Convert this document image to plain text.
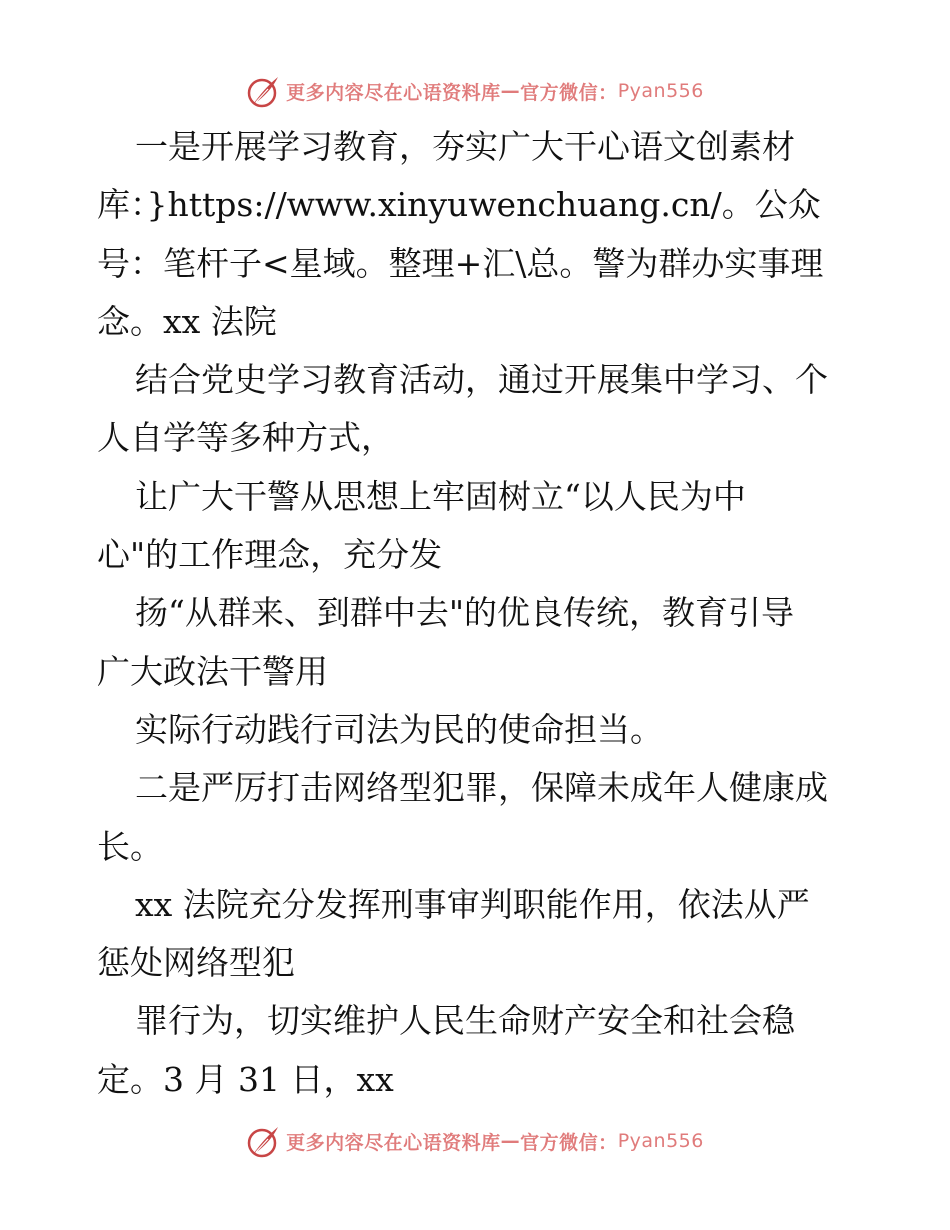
更多内容尽在心语资料库 — 官方微信： Pyan556
一是开展学习教育，夯实广大干心语文创素材
库：}https://www.xinyuwenchuang.cn/。公众
号：笔杆子<星域。整理+汇\总。警为群办实事理
念。xx 法院
结合党史学习教育活动，通过开展集中学习、个
人自学等多种方式，
让广大干警从思想上牢固树立“以人民为中
心"的工作理念，充分发
扬“从群来、到群中去"的优良传统，教育引导
广大政法干警用
实际行动践行司法为民的使命担当。
二是严厉打击网络型犯罪，保障未成年人健康成
长。
xx 法院充分发挥刑事审判职能作用，依法从严
惩处网络型犯
罪行为，切实维护人民生命财产安全和社会稳
定。3 月 31 日，xx
更多内容尽在心语资料库 — 官方微信： Pyan556
